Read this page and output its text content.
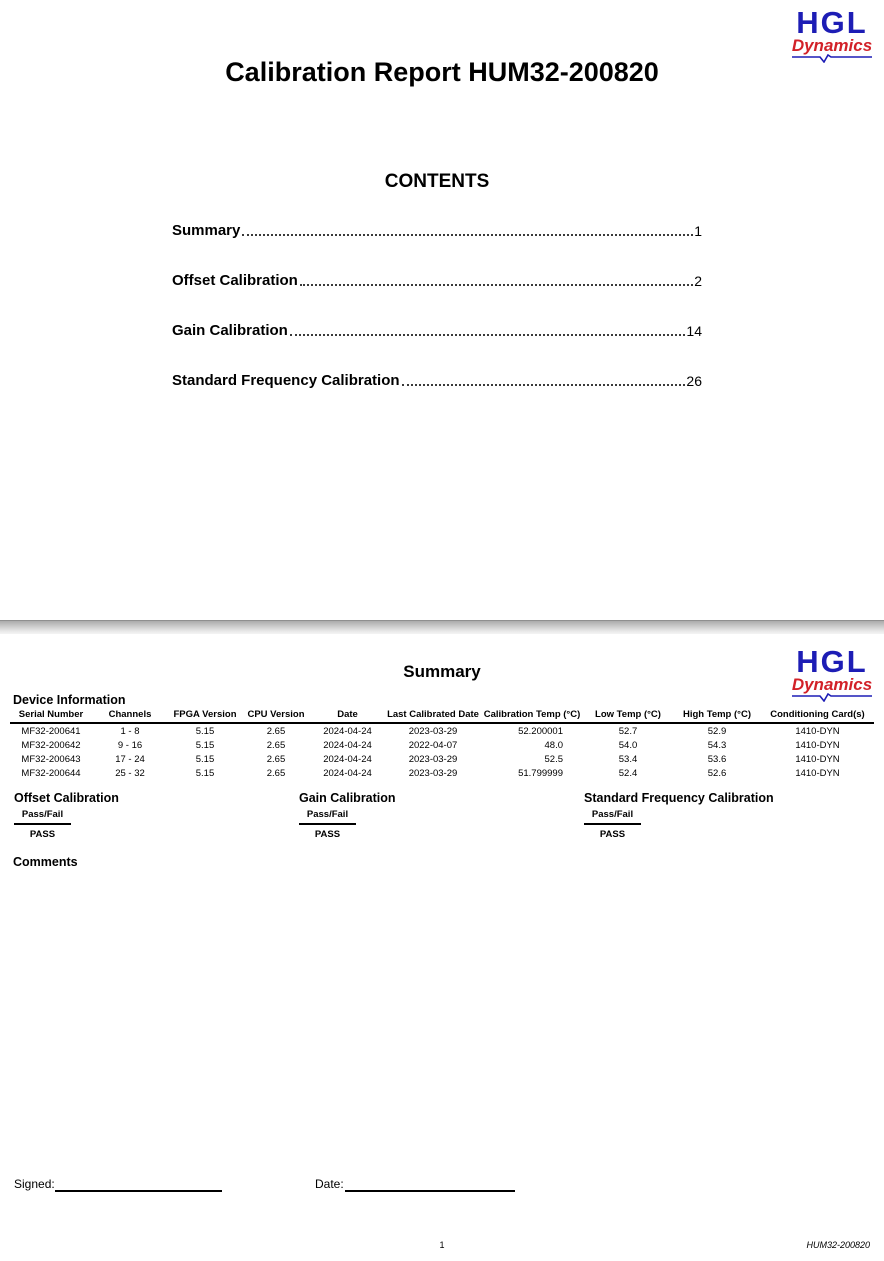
HGL
Dynamics
Calibration Report HUM32-200820
CONTENTS
Summary	1
Offset Calibration	2
Gain Calibration	14
Standard Frequency Calibration	26
HGL
Dynamics
Summary
Device Information
Serial Number	Channels	FPGA Version	CPU Version	Date	Last Calibrated Date	Calibration Temp (°C)	Low Temp (°C)	High Temp (°C)	Conditioning Card(s)
MF32-200641	1 - 8	5.15	2.65	2024-04-24	2023-03-29	52.200001	52.7	52.9	1410-DYN
MF32-200642	9 - 16	5.15	2.65	2024-04-24	2022-04-07	48.0	54.0	54.3	1410-DYN
MF32-200643	17 - 24	5.15	2.65	2024-04-24	2023-03-29	52.5	53.4	53.6	1410-DYN
MF32-200644	25 - 32	5.15	2.65	2024-04-24	2023-03-29	51.799999	52.4	52.6	1410-DYN
Offset Calibration
Pass/Fail
PASS
Gain Calibration
Pass/Fail
PASS
Standard Frequency Calibration
Pass/Fail
PASS
Comments
Signed:	Date:
1	HUM32-200820
